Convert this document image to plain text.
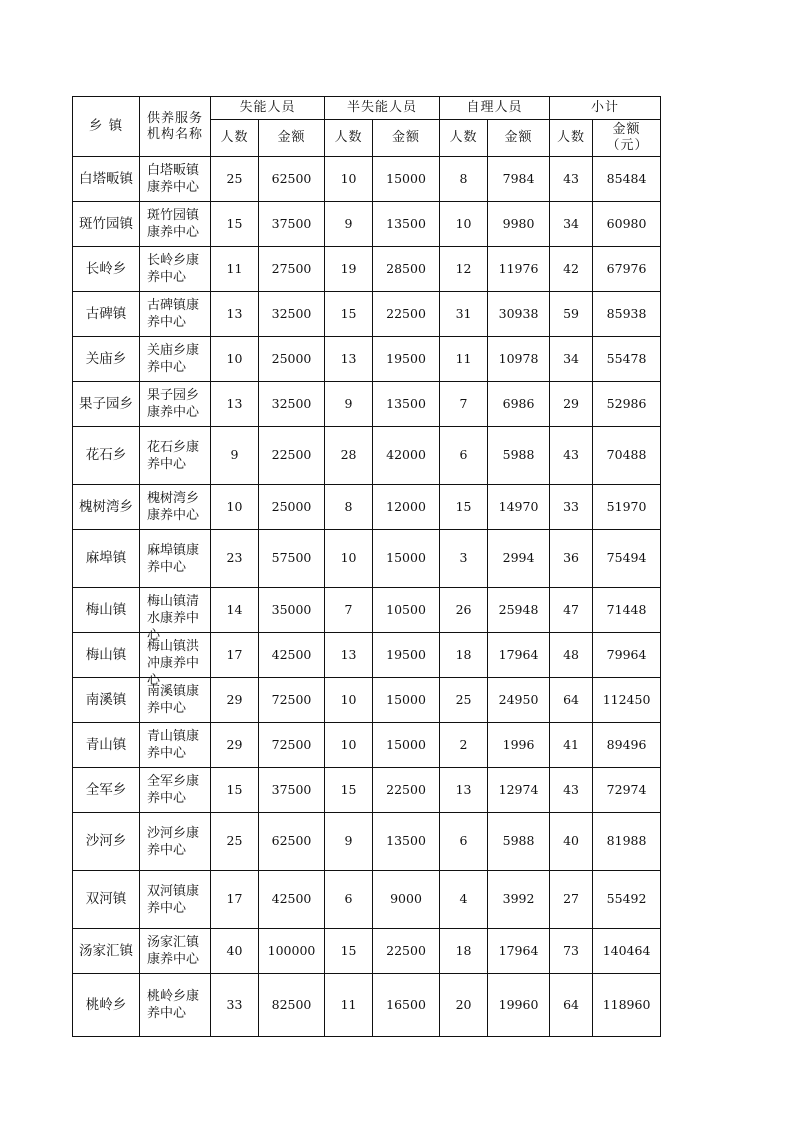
乡 镇	供养服务机构名称	失能人员		半失能人员		自理人员		小计	
		人数	金额	人数	金额	人数	金额	人数	金额（元）

白塔畈镇	白塔畈镇康养中心	25	62500	10	15000	8	7984	43	85484
斑竹园镇	斑竹园镇康养中心	15	37500	9	13500	10	9980	34	60980
长岭乡	长岭乡康养中心	11	27500	19	28500	12	11976	42	67976
古碑镇	古碑镇康养中心	13	32500	15	22500	31	30938	59	85938
关庙乡	关庙乡康养中心	10	25000	13	19500	11	10978	34	55478
果子园乡	果子园乡康养中心	13	32500	9	13500	7	6986	29	52986
花石乡	花石乡康养中心	9	22500	28	42000	6	5988	43	70488
槐树湾乡	槐树湾乡康养中心	10	25000	8	12000	15	14970	33	51970
麻埠镇	麻埠镇康养中心	23	57500	10	15000	3	2994	36	75494
梅山镇	梅山镇清水康养中心	14	35000	7	10500	26	25948	47	71448
梅山镇	梅山镇洪冲康养中心	17	42500	13	19500	18	17964	48	79964
南溪镇	南溪镇康养中心	29	72500	10	15000	25	24950	64	112450
青山镇	青山镇康养中心	29	72500	10	15000	2	1996	41	89496
全军乡	全军乡康养中心	15	37500	15	22500	13	12974	43	72974
沙河乡	沙河乡康养中心	25	62500	9	13500	6	5988	40	81988
双河镇	双河镇康养中心	17	42500	6	9000	4	3992	27	55492
汤家汇镇	汤家汇镇康养中心	40	100000	15	22500	18	17964	73	140464
桃岭乡	桃岭乡康养中心	33	82500	11	16500	20	19960	64	118960
